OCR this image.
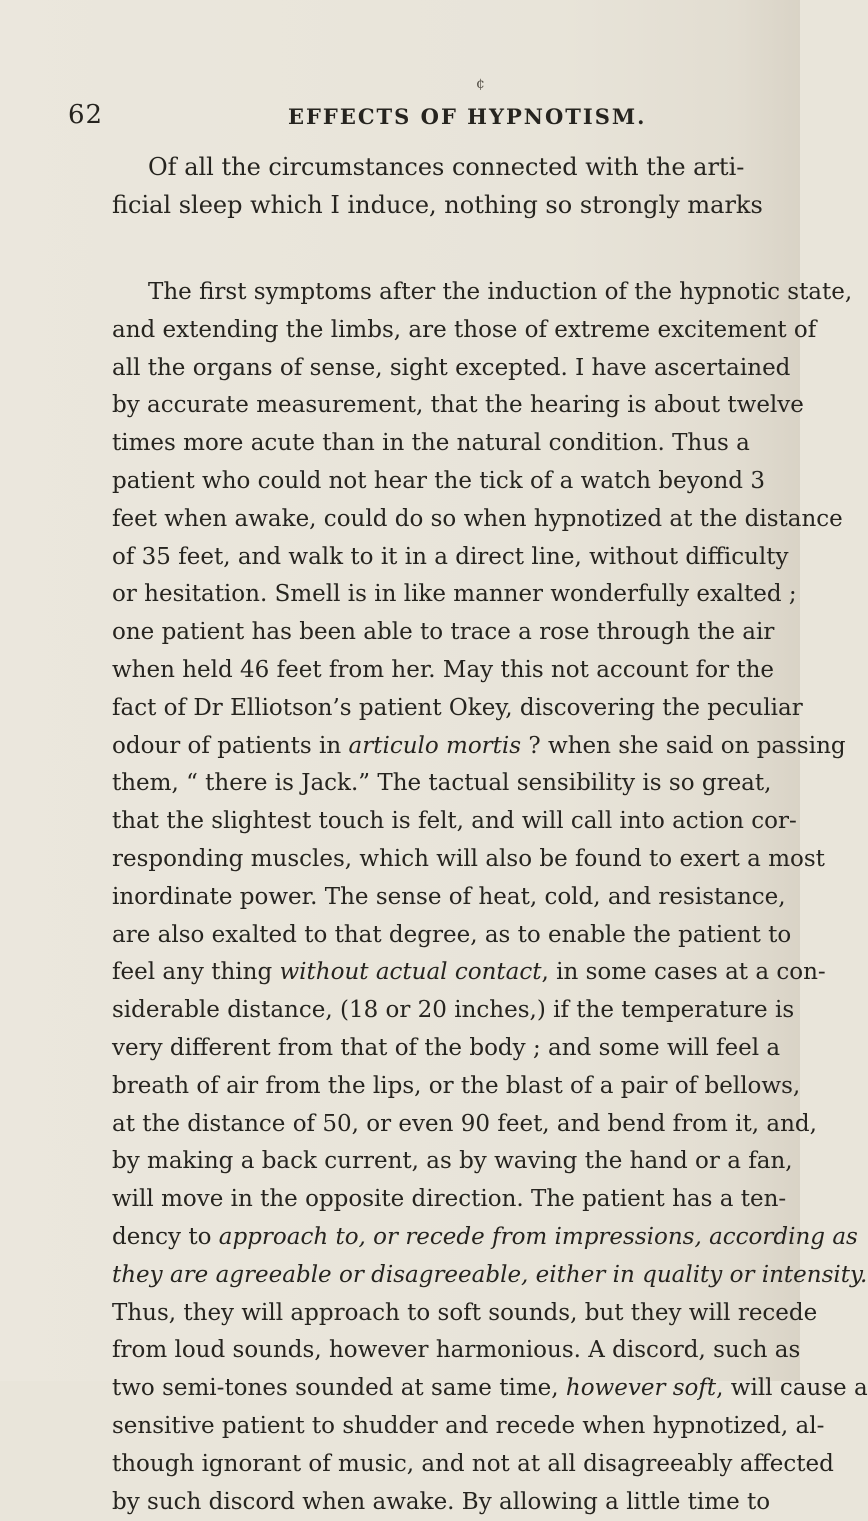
62	EFFECTS OF HYPNOTISM.
¢
Of all the circumstances connected with the arti-
ficial sleep which I induce, nothing so strongly marks
The first symptoms after the induction of the hypnotic state,
and extending the limbs, are those of extreme excitement of
all the organs of sense, sight excepted. I have ascertained
by accurate measurement, that the hearing is about twelve
times more acute than in the natural condition. Thus a
patient who could not hear the tick of a watch beyond 3
feet when awake, could do so when hypnotized at the distance
of 35 feet, and walk to it in a direct line, without difficulty
or hesitation. Smell is in like manner wonderfully exalted ;
one patient has been able to trace a rose through the air
when held 46 feet from her. May this not account for the
fact of Dr Elliotson’s patient Okey, discovering the peculiar
odour of patients in articulo mortis ? when she said on passing
them, “ there is Jack.” The tactual sensibility is so great,
that the slightest touch is felt, and will call into action cor-
responding muscles, which will also be found to exert a most
inordinate power. The sense of heat, cold, and resistance,
are also exalted to that degree, as to enable the patient to
feel any thing without actual contact, in some cases at a con-
siderable distance, (18 or 20 inches,) if the temperature is
very different from that of the body ; and some will feel a
breath of air from the lips, or the blast of a pair of bellows,
at the distance of 50, or even 90 feet, and bend from it, and,
by making a back current, as by waving the hand or a fan,
will move in the opposite direction. The patient has a ten-
dency to approach to, or recede from impressions, according as
they are agreeable or disagreeable, either in quality or intensity.
Thus, they will approach to soft sounds, but they will recede
from loud sounds, however harmonious. A discord, such as
two semi-tones sounded at same time, however soft, will cause a
sensitive patient to shudder and recede when hypnotized, al-
though ignorant of music, and not at all disagreeably affected
by such discord when awake. By allowing a little time to
